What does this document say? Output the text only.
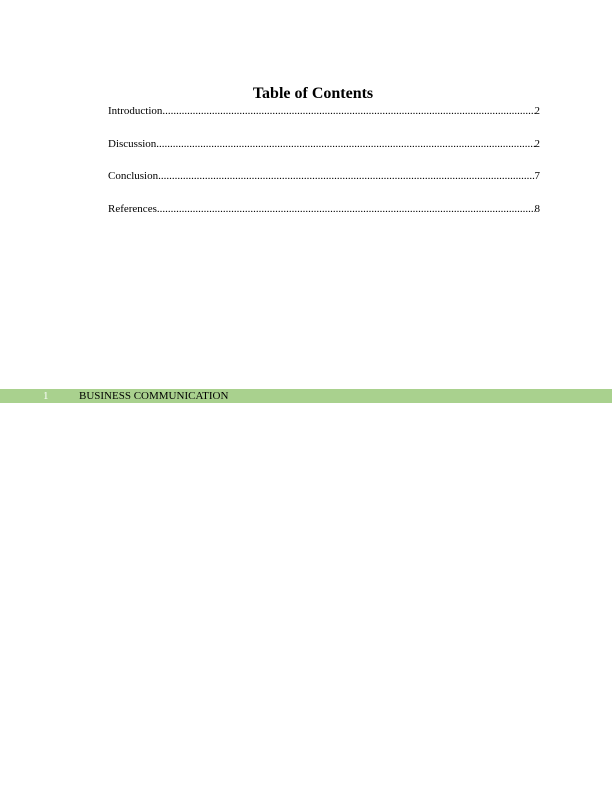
Table of Contents
Introduction .....	2
Discussion .....	2
Conclusion .....	7
References .....	8
1	BUSINESS COMMUNICATION
